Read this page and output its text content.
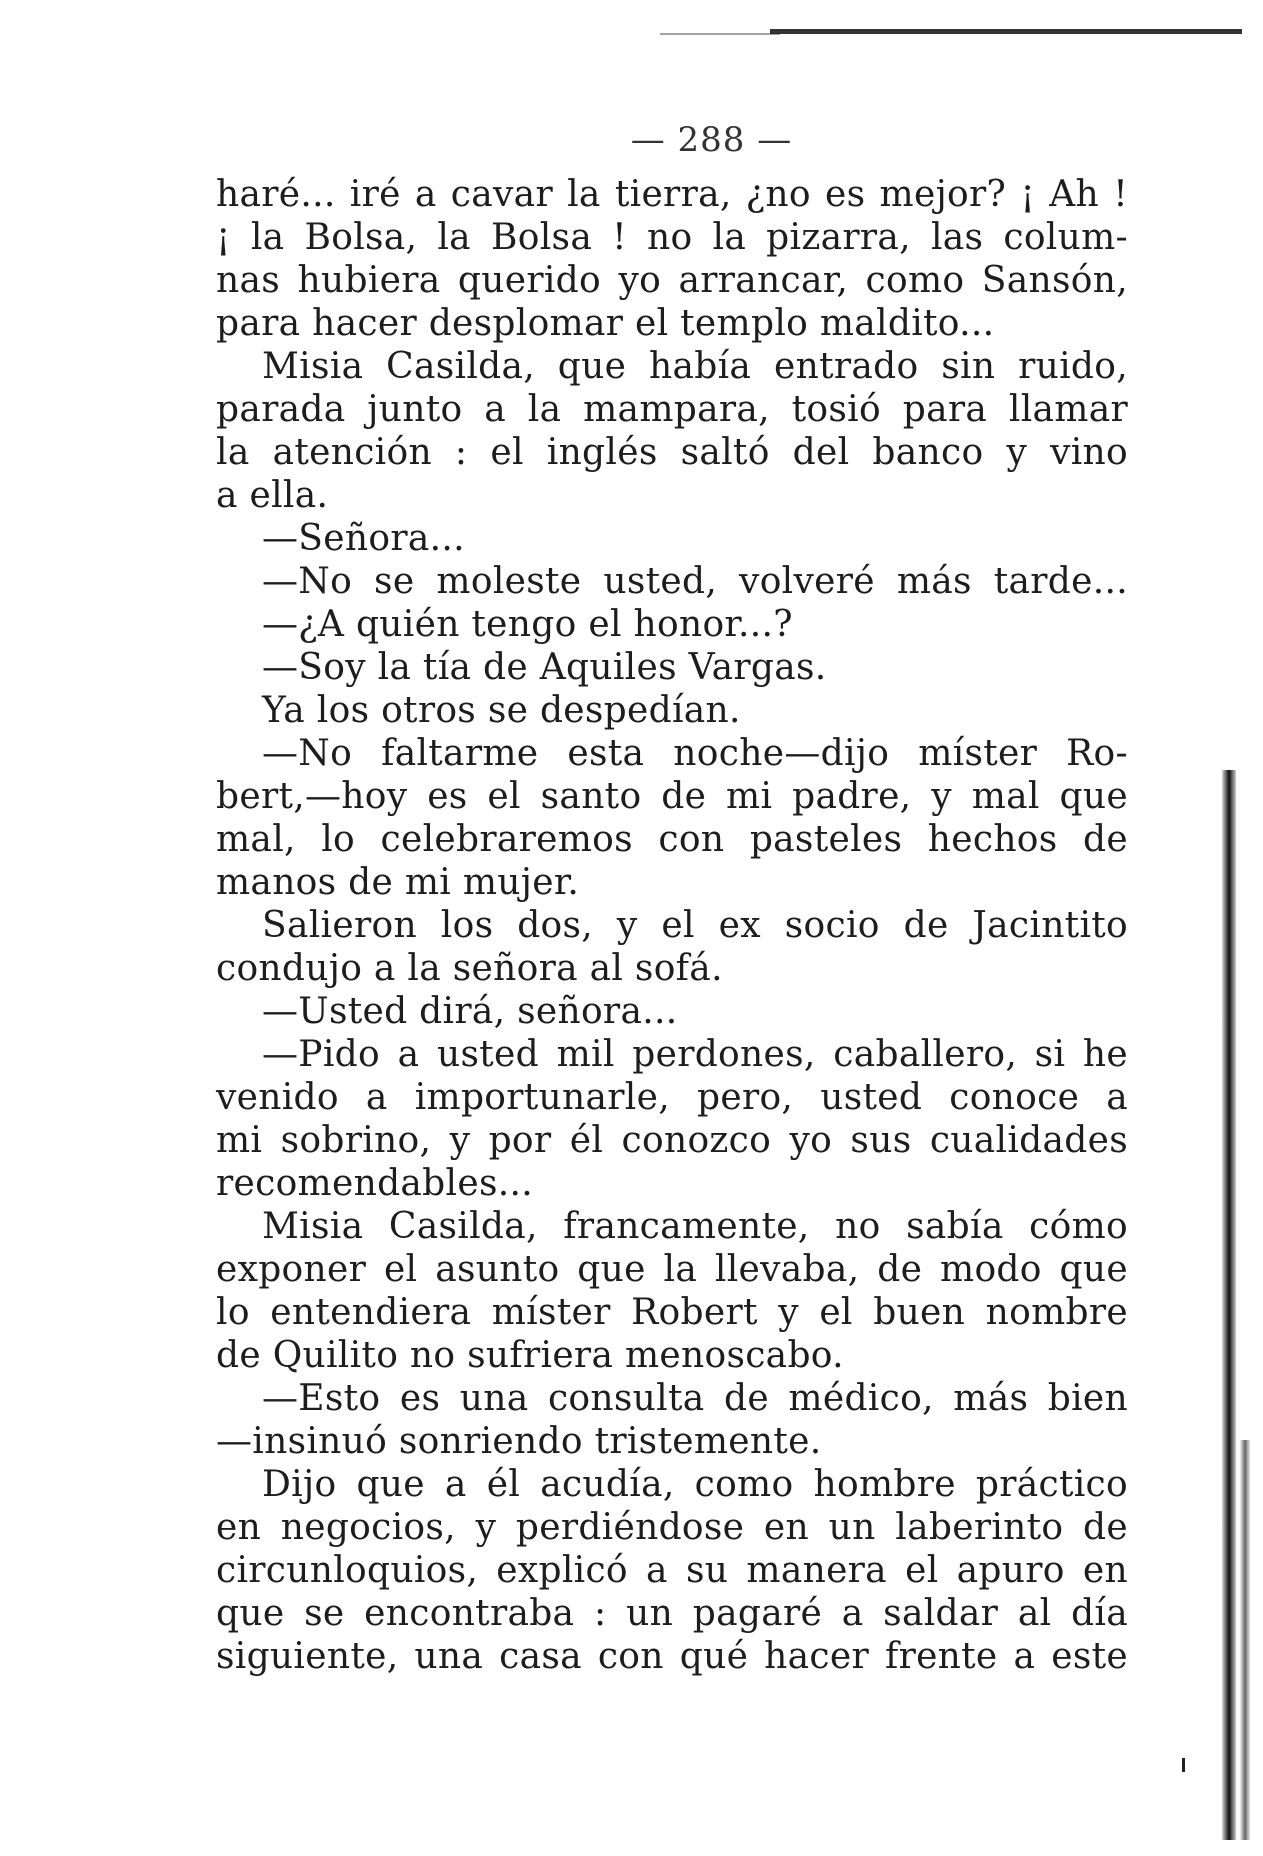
— 288 —
haré... iré a cavar la tierra, ¿no es mejor? ¡ Ah !
¡ la Bolsa, la Bolsa ! no la pizarra, las colum-
nas hubiera querido yo arrancar, como Sansón,
para hacer desplomar el templo maldito...
Misia Casilda, que había entrado sin ruido,
parada junto a la mampara, tosió para llamar
la atención : el inglés saltó del banco y vino
a ella.
—Señora...
—No se moleste usted, volveré más tarde...
—¿A quién tengo el honor...?
—Soy la tía de Aquiles Vargas.
Ya los otros se despedían.
—No faltarme esta noche—dijo míster Ro-
bert,—hoy es el santo de mi padre, y mal que
mal, lo celebraremos con pasteles hechos de
manos de mi mujer.
Salieron los dos, y el ex socio de Jacintito
condujo a la señora al sofá.
—Usted dirá, señora...
—Pido a usted mil perdones, caballero, si he
venido a importunarle, pero, usted conoce a
mi sobrino, y por él conozco yo sus cualidades
recomendables...
Misia Casilda, francamente, no sabía cómo
exponer el asunto que la llevaba, de modo que
lo entendiera míster Robert y el buen nombre
de Quilito no sufriera menoscabo.
—Esto es una consulta de médico, más bien
—insinuó sonriendo tristemente.
Dijo que a él acudía, como hombre práctico
en negocios, y perdiéndose en un laberinto de
circunloquios, explicó a su manera el apuro en
que se encontraba : un pagaré a saldar al día
siguiente, una casa con qué hacer frente a este
